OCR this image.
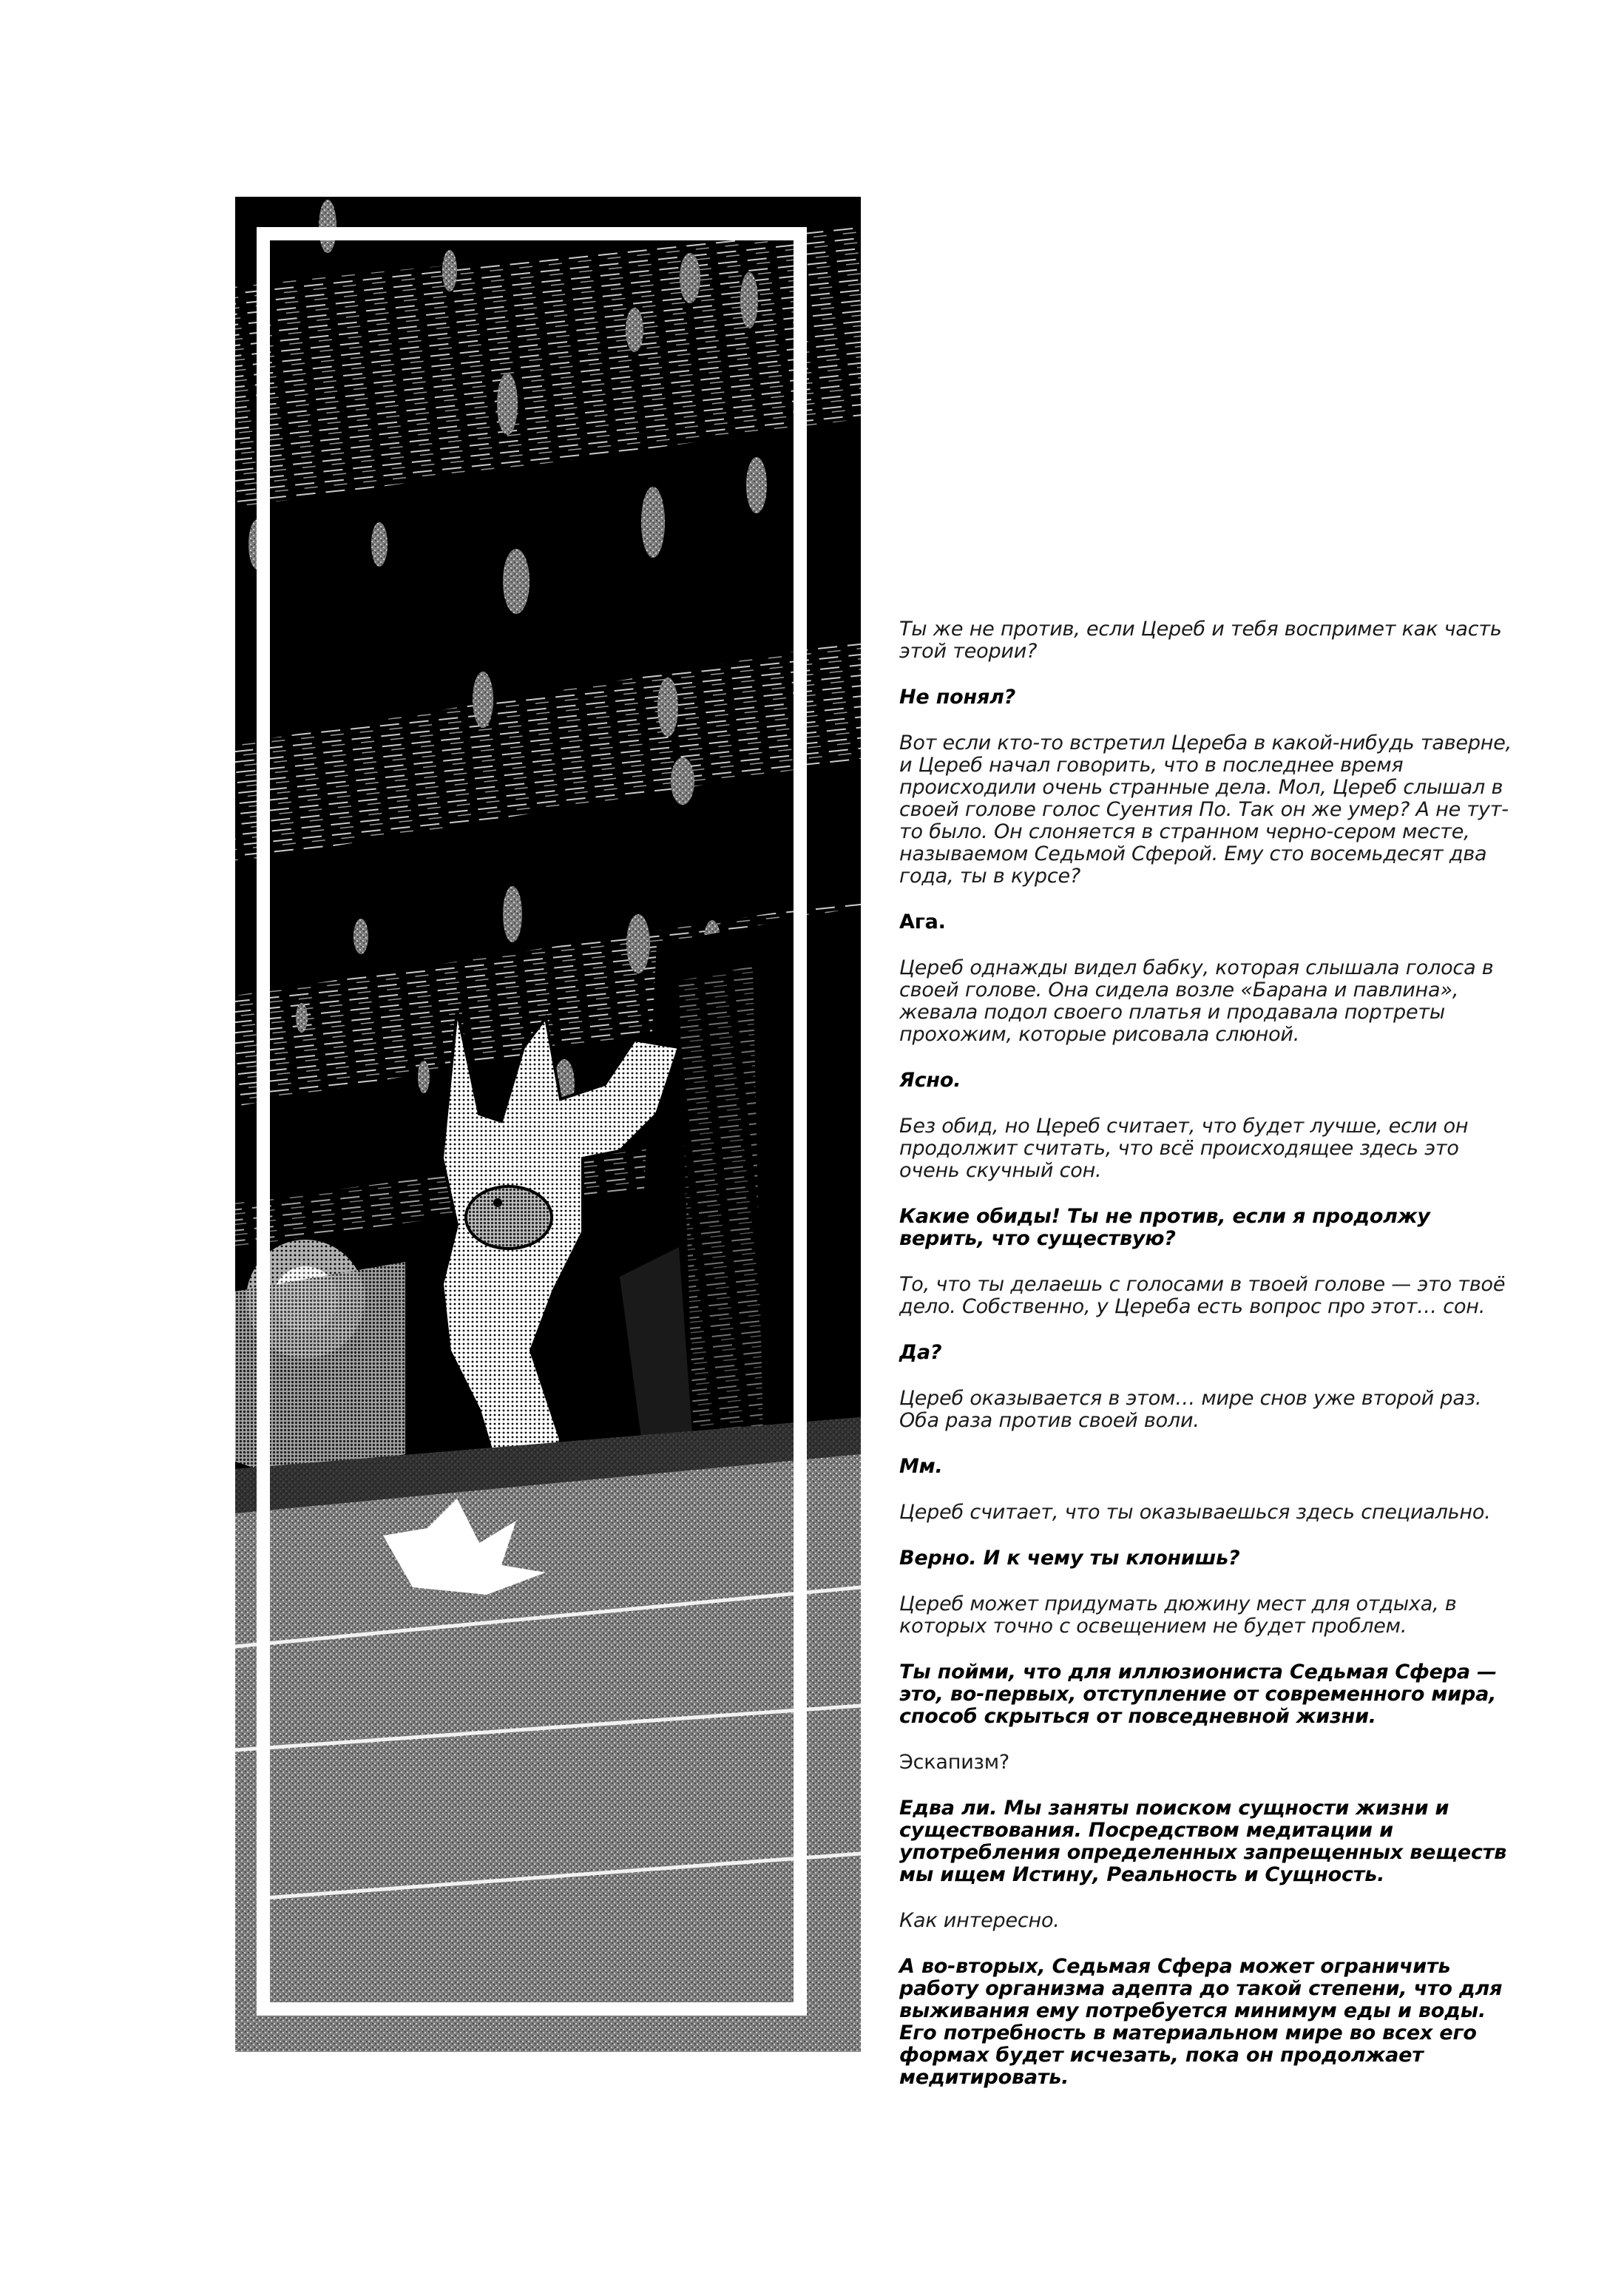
Ты же не против, если Цереб и тебя воспримет как часть этой теории?

Не понял?

Вот если кто-то встретил Цереба в какой-нибудь таверне, и Цереб начал говорить, что в последнее время происходили очень странные дела. Мол, Цереб слышал в своей голове голос Суентия По. Так он же умер? А не тут-то было. Он слоняется в странном черно-сером месте, называемом Седьмой Сферой. Ему сто восемьдесят два года, ты в курсе?

Ага.

Цереб однажды видел бабку, которая слышала голоса в своей голове. Она сидела возле «Барана и павлина», жевала подол своего платья и продавала портреты прохожим, которые рисовала слюной.

Ясно.

Без обид, но Цереб считает, что будет лучше, если он продолжит считать, что всё происходящее здесь это очень скучный сон.

Какие обиды! Ты не против, если я продолжу верить, что существую?

То, что ты делаешь с голосами в твоей голове — это твоё дело. Собственно, у Цереба есть вопрос про этот… сон.

Да?

Цереб оказывается в этом… мире снов уже второй раз. Оба раза против своей воли.

Мм.

Цереб считает, что ты оказываешься здесь специально.

Верно. И к чему ты клонишь?

Цереб может придумать дюжину мест для отдыха, в которых точно с освещением не будет проблем.

Ты пойми, что для иллюзиониста Седьмая Сфера — это, во-первых, отступление от современного мира, способ скрыться от повседневной жизни.

Эскапизм?

Едва ли. Мы заняты поиском сущности жизни и существования. Посредством медитации и употребления определенных запрещенных веществ мы ищем Истину, Реальность и Сущность.

Как интересно.

А во-вторых, Седьмая Сфера может ограничить работу организма адепта до такой степени, что для выживания ему потребуется минимум еды и воды. Его потребность в материальном мире во всех его формах будет исчезать, пока он продолжает медитировать.
